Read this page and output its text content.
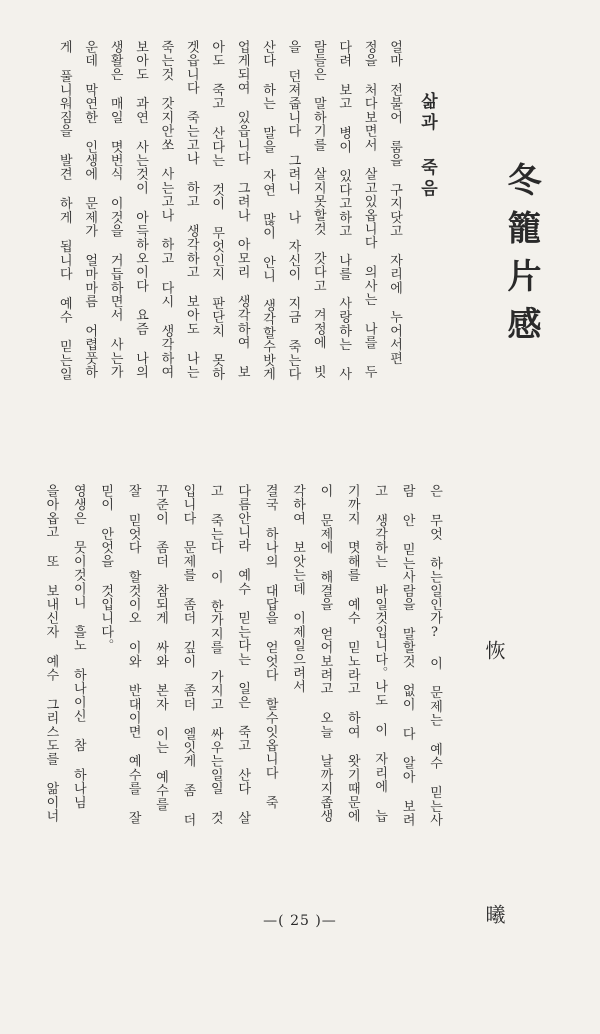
冬籠片感
恢 曦
삶과 죽음
얼마 전불어 룸을 구지닷고 자리에 누어서편
정을 처다보면서 살고있옵니다 의사는 나를 두
다려 보고 병이 있다고하고 나를 사랑하는 사
람들은 말하기를 살지못할것 갓다고 겨정에 빗
을 던져줍니다 그려니 나 자신이 지금 죽는다
산다 하는 말을 자연 많이 안니 생각할수밧게
업게되여 있읍니다 그려나 아모리 생각하여 보
아도 죽고 산다는 것이 무엇인지 판단치 못하
겟읍니다 죽는고나 하고 생각하고 보아도 나는
죽는것 갓지안쏘 사는고나 하고 다시 생각하여
보아도 과연 사는것이 아득하오이다 요즘 나의
생활은 매일 몃번식 이것을 거듭하면서 사는가
운데 막연한 인생에 문제가 얼마마름 어렵풋하
게 풀니워짐을 발견 하게 됩니다 예수 믿는일
은 무엇 하는일인가? 이 문제는 예수 믿는사
람 안 믿는사람을 말할것 없이 다 알아 보려
고 생각하는 바일것입니다。나도 이 자리에 늡
기까지 몃해를 예수 믿노라고 하여 왓기때문에
이 문제에 해결을 얻어보려고 오늘 날까지좁생
각하여 보앗는데 이제일으려서
결국 하나의 대답을 얻엇다 할수잇옵니다 죽
다름안니라 예수 믿는다는 일은 죽고 산다 살
고 죽는다 이 한가지를 가지고 싸우는일일 것
입니다 문제를 좀더 깊이 좀더 엘잇게 좀 더
꾸준이 좀더 참되게 싸와 본자 이는 예수를
잘 믿엇다 할것이오 이와 반대이면 예수를 잘
믿이 안엇을 것입니다。
영생은 뭇이것이니 흘노 하나이신 참 하나님
을아옵고 또 보내신자 예수 그리스도를 앎이너
—( 25 )—
